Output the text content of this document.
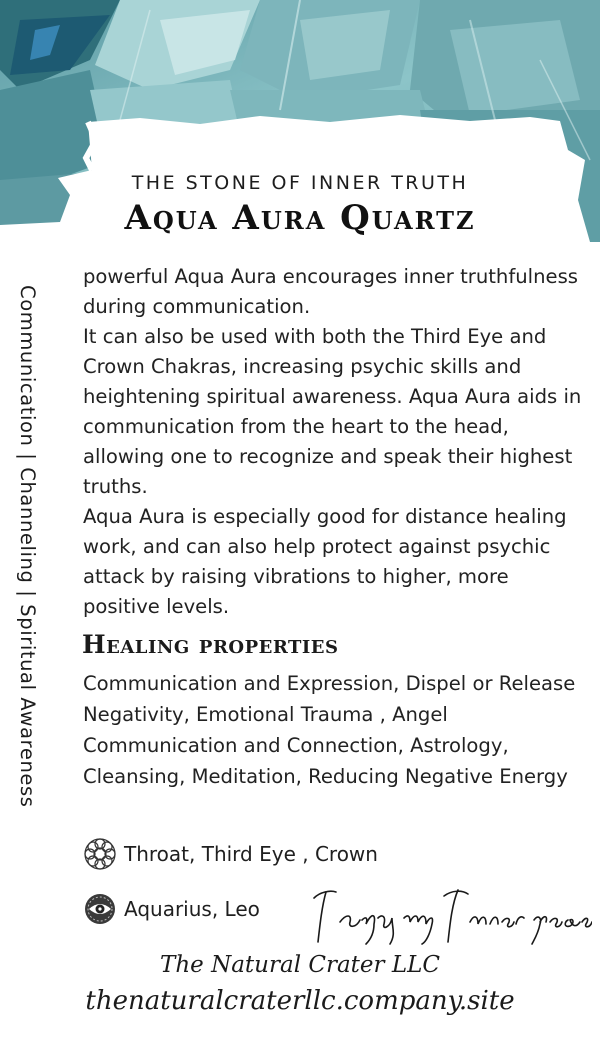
THE STONE OF INNER TRUTH
Aqua Aura Quartz
Communication | Channeling | Spiritual Awareness

powerful Aqua Aura encourages inner truthfulness during communication.

It can also be used with both the Third Eye and Crown Chakras, increasing psychic skills and heightening spiritual awareness. Aqua Aura aids in communication from the heart to the head, allowing one to recognize and speak their highest truths.

Aqua Aura is especially good for distance healing work, and can also help protect against psychic attack by raising vibrations to higher, more positive levels.

Healing properties
Communication and Expression, Dispel or Release Negativity, Emotional Trauma , Angel Communication and Connection, Astrology, Cleansing, Meditation, Reducing Negative Energy
Throat, Third Eye , Crown
Aquarius, Leo
The Natural Crater LLC
thenaturalcraterllc.company.site
